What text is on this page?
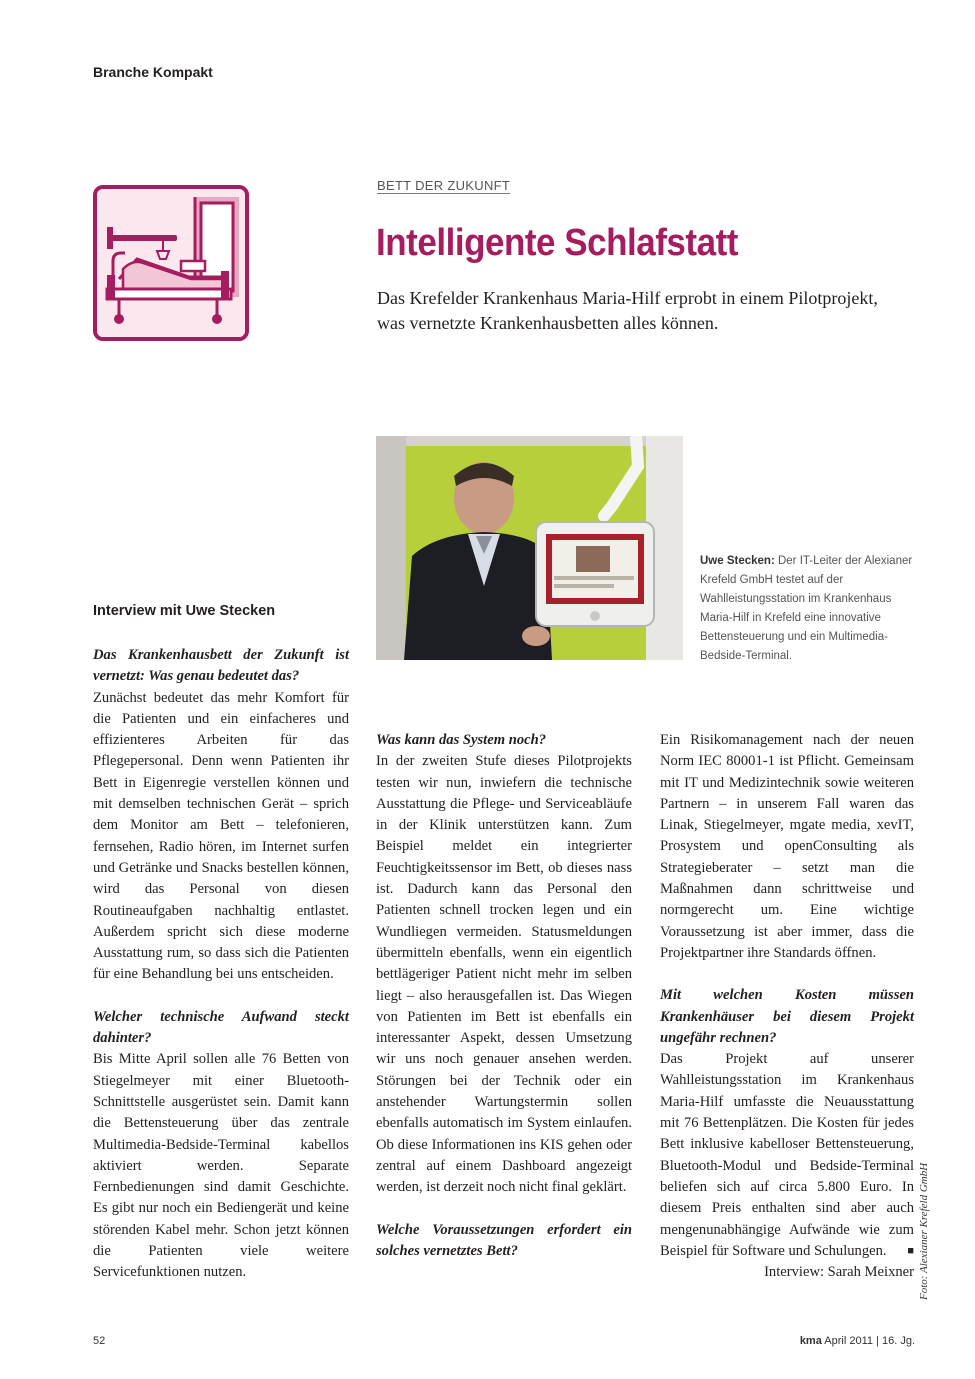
Branche Kompakt
BETT DER ZUKUNFT
Intelligente Schlafstatt
Das Krefelder Krankenhaus Maria-Hilf erprobt in einem Pilotprojekt, was vernetzte Krankenhausbetten alles können.
Uwe Stecken: Der IT-Leiter der Alexianer Krefeld GmbH testet auf der Wahlleistungsstation im Krankenhaus Maria-Hilf in Krefeld eine innovative Bettensteuerung und ein Multimedia-Bedside-Terminal.
Foto: Alexianer Krefeld GmbH
Interview mit Uwe Stecken

Das Krankenhausbett der Zukunft ist vernetzt: Was genau bedeutet das?

Zunächst bedeutet das mehr Komfort für die Patienten und ein einfacheres und effizienteres Arbeiten für das Pflegepersonal. Denn wenn Patienten ihr Bett in Eigenregie verstellen können und mit demselben technischen Gerät – sprich dem Monitor am Bett – telefonieren, fernsehen, Radio hören, im Internet surfen und Getränke und Snacks bestellen können, wird das Personal von diesen Routineaufgaben nachhaltig entlastet. Außerdem spricht sich diese moderne Ausstattung rum, so dass sich die Patienten für eine Behandlung bei uns entscheiden.

Welcher technische Aufwand steckt dahinter?

Bis Mitte April sollen alle 76 Betten von Stiegelmeyer mit einer Bluetooth-Schnittstelle ausgerüstet sein. Damit kann die Bettensteuerung über das zentrale Multimedia-Bedside-Terminal kabellos aktiviert werden. Separate Fernbedienungen sind damit Geschichte. Es gibt nur noch ein Bediengerät und keine störenden Kabel mehr. Schon jetzt können die Patienten viele weitere Servicefunktionen nutzen.

Was kann das System noch?

In der zweiten Stufe dieses Pilotprojekts testen wir nun, inwiefern die technische Ausstattung die Pflege- und Serviceabläufe in der Klinik unterstützen kann. Zum Beispiel meldet ein integrierter Feuchtigkeitssensor im Bett, ob dieses nass ist. Dadurch kann das Personal den Patienten schnell trocken legen und ein Wundliegen vermeiden. Statusmeldungen übermitteln ebenfalls, wenn ein eigentlich bettlägeriger Patient nicht mehr im selben liegt – also herausgefallen ist. Das Wiegen von Patienten im Bett ist ebenfalls ein interessanter Aspekt, dessen Umsetzung wir uns noch genauer ansehen werden. Störungen bei der Technik oder ein anstehender Wartungstermin sollen ebenfalls automatisch im System einlaufen. Ob diese Informationen ins KIS gehen oder zentral auf einem Dashboard angezeigt werden, ist derzeit noch nicht final geklärt.

Welche Voraussetzungen erfordert ein solches vernetztes Bett?

Ein Risikomanagement nach der neuen Norm IEC 80001-1 ist Pflicht. Gemeinsam mit IT und Medizintechnik sowie weiteren Partnern – in unserem Fall waren das Linak, Stiegelmeyer, mgate media, xevIT, Prosystem und openConsulting als Strategieberater – setzt man die Maßnahmen dann schrittweise und normgerecht um. Eine wichtige Voraussetzung ist aber immer, dass die Projektpartner ihre Standards öffnen.

Mit welchen Kosten müssen Krankenhäuser bei diesem Projekt ungefähr rechnen?

Das Projekt auf unserer Wahlleistungsstation im Krankenhaus Maria-Hilf umfasste die Neuausstattung mit 76 Bettenplätzen. Die Kosten für jedes Bett inklusive kabelloser Bettensteuerung, Bluetooth-Modul und Bedside-Terminal beliefen sich auf circa 5.800 Euro. In diesem Preis enthalten sind aber auch mengenunabhängige Aufwände wie zum Beispiel für Software und Schulungen. ■

Interview: Sarah Meixner

52	kma April 2011 | 16. Jg.
